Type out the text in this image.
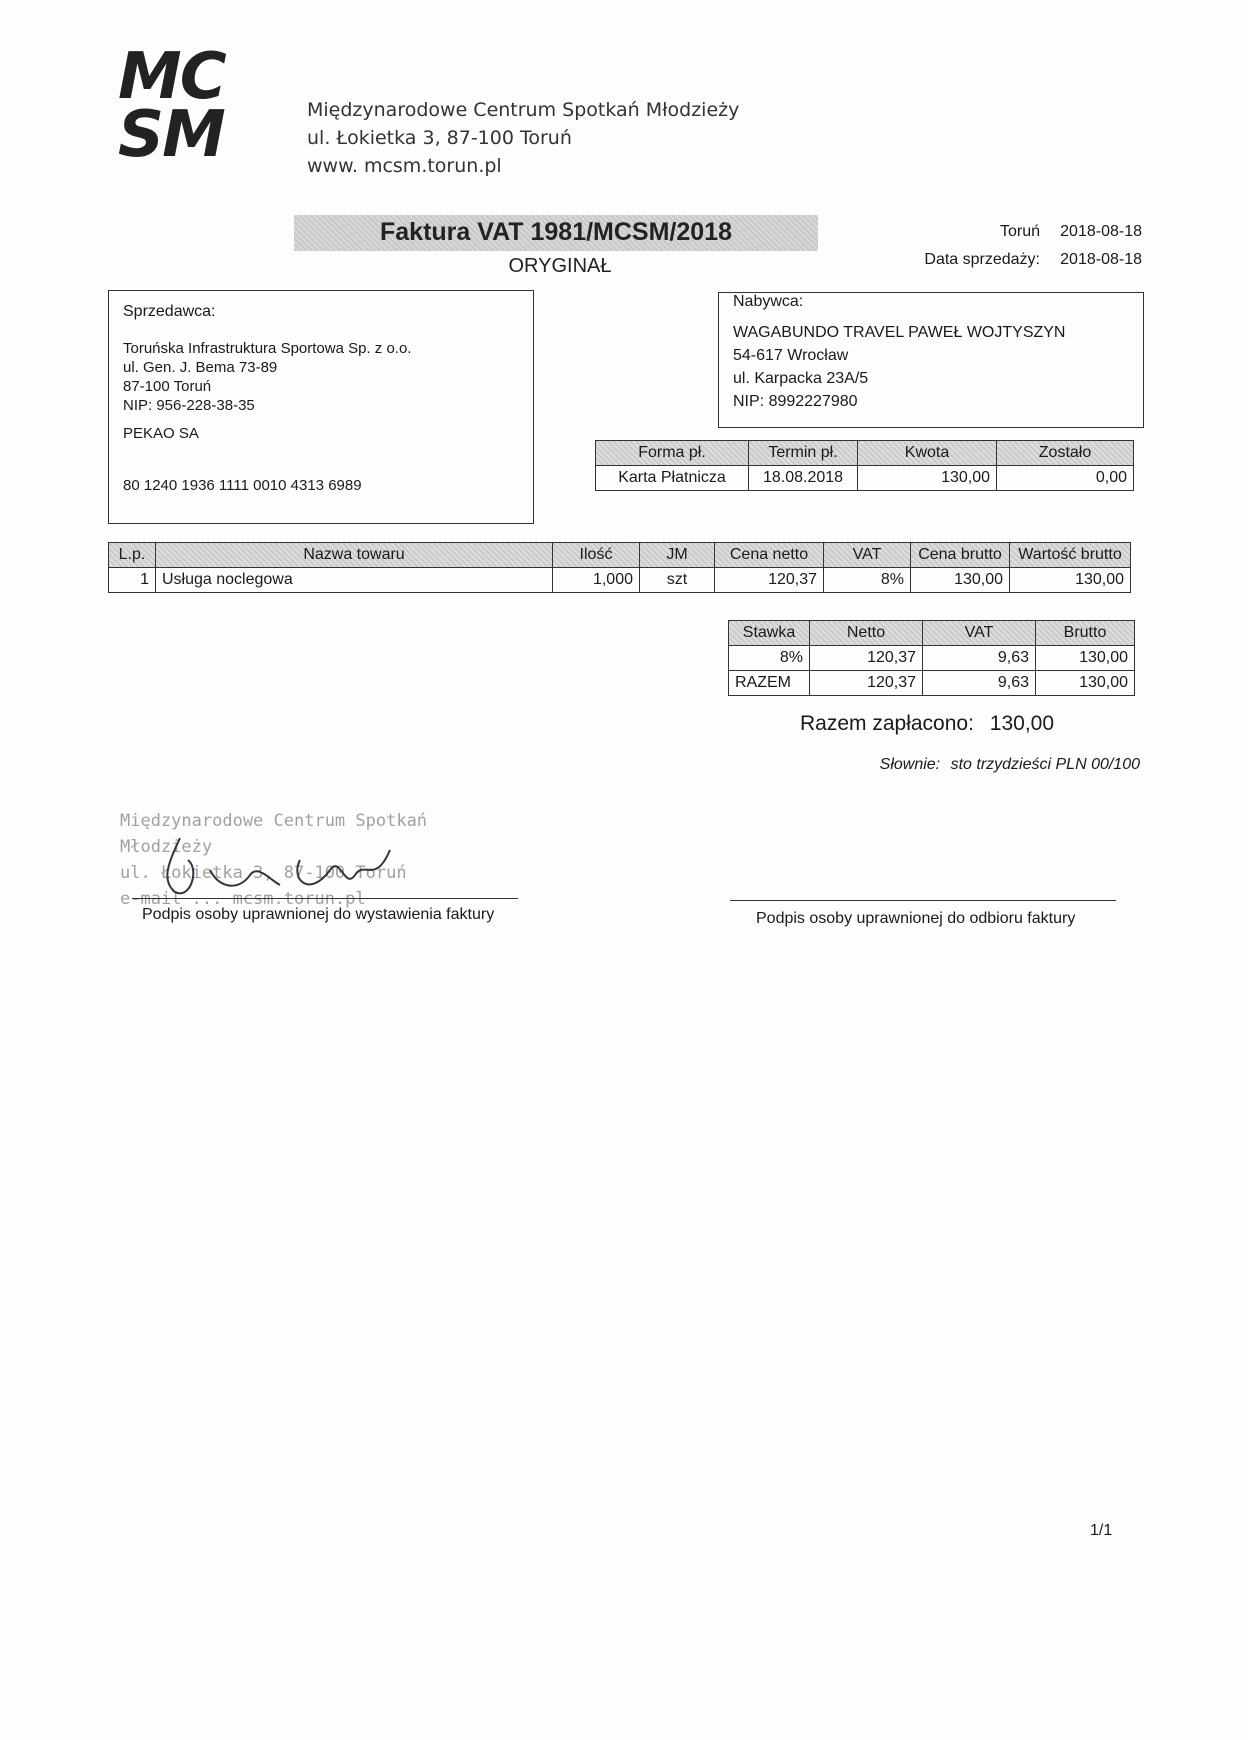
MC
SM	Międzynarodowe Centrum Spotkań Młodzieży
ul. Łokietka 3, 87-100 Toruń
www. mcsm.torun.pl
Faktura VAT 1981/MCSM/2018
ORYGINAŁ
Toruń 2018-08-18
Data sprzedaży: 2018-08-18
Sprzedawca:
Toruńska Infrastruktura Sportowa Sp. z o.o.
ul. Gen. J. Bema 73-89
87-100 Toruń
NIP: 956-228-38-35
PEKAO SA
80 1240 1936 1111 0010 4313 6989
Nabywca:
WAGABUNDO TRAVEL PAWEŁ WOJTYSZYN
54-617 Wrocław
ul. Karpacka 23A/5
NIP: 8992227980
Forma pł.	Termin pł.	Kwota	Zostało
Karta Płatnicza	18.08.2018	130,00	0,00
L.p.	Nazwa towaru	Ilość	JM	Cena netto	VAT	Cena brutto	Wartość brutto
1	Usługa noclegowa	1,000	szt	120,37	8%	130,00	130,00
Stawka	Netto	VAT	Brutto
8%	120,37	9,63	130,00
RAZEM	120,37	9,63	130,00
Razem zapłacono: 130,00
Słownie: sto trzydzieści PLN 00/100
Międzynarodowe Centrum Spotkań Młodzieży
ul. Łokietka 3, 87-100 Toruń
e-mail ... mcsm.torun.pl
Podpis osoby uprawnionej do wystawienia faktury	Podpis osoby uprawnionej do odbioru faktury
1/1
